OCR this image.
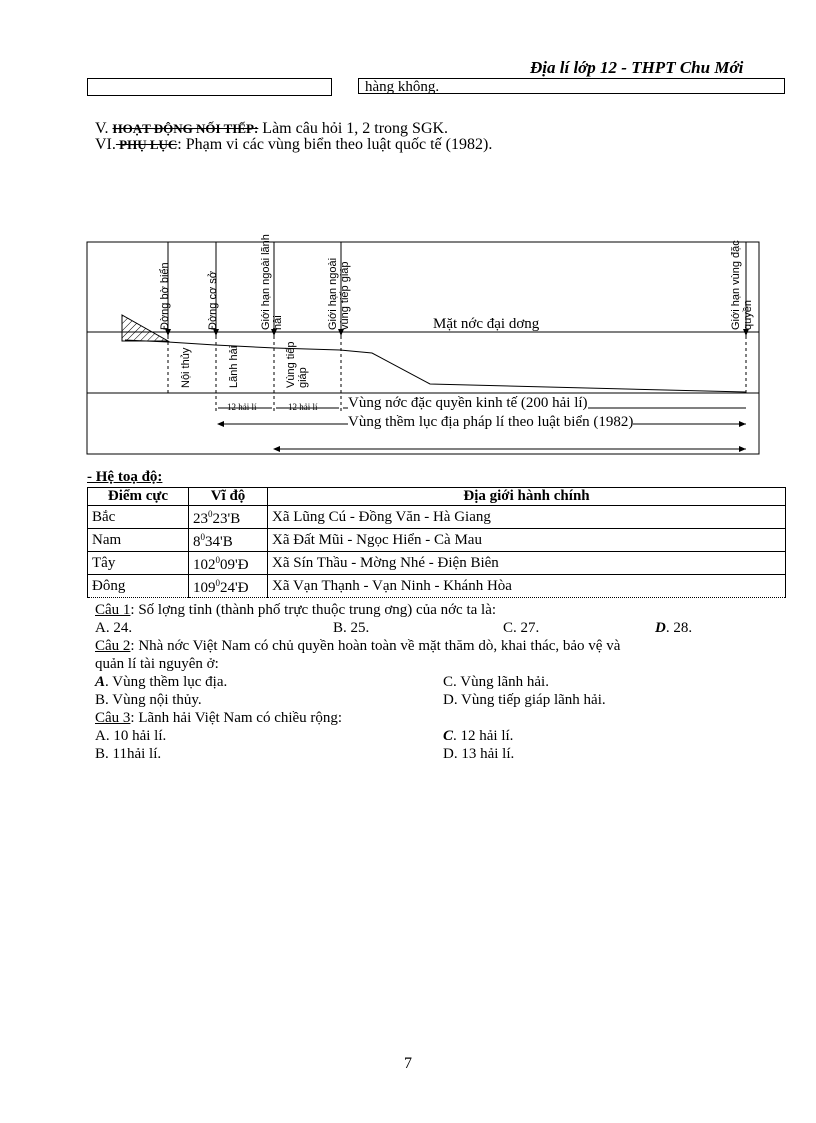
Địa lí lớp 12 - THPT Chu Mới
hàng không.
V. HOẠT ĐỘNG NỐI TIẾP: Làm câu hỏi 1, 2 trong SGK.
VI. PHỤ LỤC: Phạm vi các vùng biển theo luật quốc tế (1982).
Đờng bờ biển	Đờng cơ sở	Giới hạn ngoài lãnh hải	Giới hạn ngoài vùng tiếp giáp	Giới hạn vùng đặc quyền
Nội thủy	Lãnh hải	Vùng tiếp giáp
Mặt nớc đại dơng
12 hải lí	12 hải lí Vùng nớc đặc quyền kinh tế (200 hải lí)
Vùng thềm lục địa pháp lí theo luật biển (1982)
- Hệ toạ độ:
Điểm cực	Vĩ độ	Địa giới hành chính
Bắc	$23^023'B$	Xã Lũng Cú - Đồng Văn - Hà Giang
Nam	$8^034'B$	Xã Đất Mũi - Ngọc Hiển - Cà Mau
Tây	$102^009'Đ$	Xã Sín Thầu - Mờng Nhé - Điện Biên
Đông	$109^024'Đ$	Xã Vạn Thạnh - Vạn Ninh - Khánh Hòa
Câu 1: Số lợng tỉnh (thành phố trực thuộc trung ơng) của nớc ta là:
A. 24.	B. 25.	C. 27.	D. 28.
Câu 2: Nhà nớc Việt Nam có chủ quyền hoàn toàn về mặt thăm dò, khai thác, bảo vệ và
quản lí tài nguyên ở:
A. Vùng thềm lục địa.	C. Vùng lãnh hải.
B. Vùng nội thủy.	D. Vùng tiếp giáp lãnh hải.
Câu 3: Lãnh hải Việt Nam có chiều rộng:
A. 10 hải lí.	C. 12 hải lí.
B. 11hải lí.	D. 13 hải lí.
7
